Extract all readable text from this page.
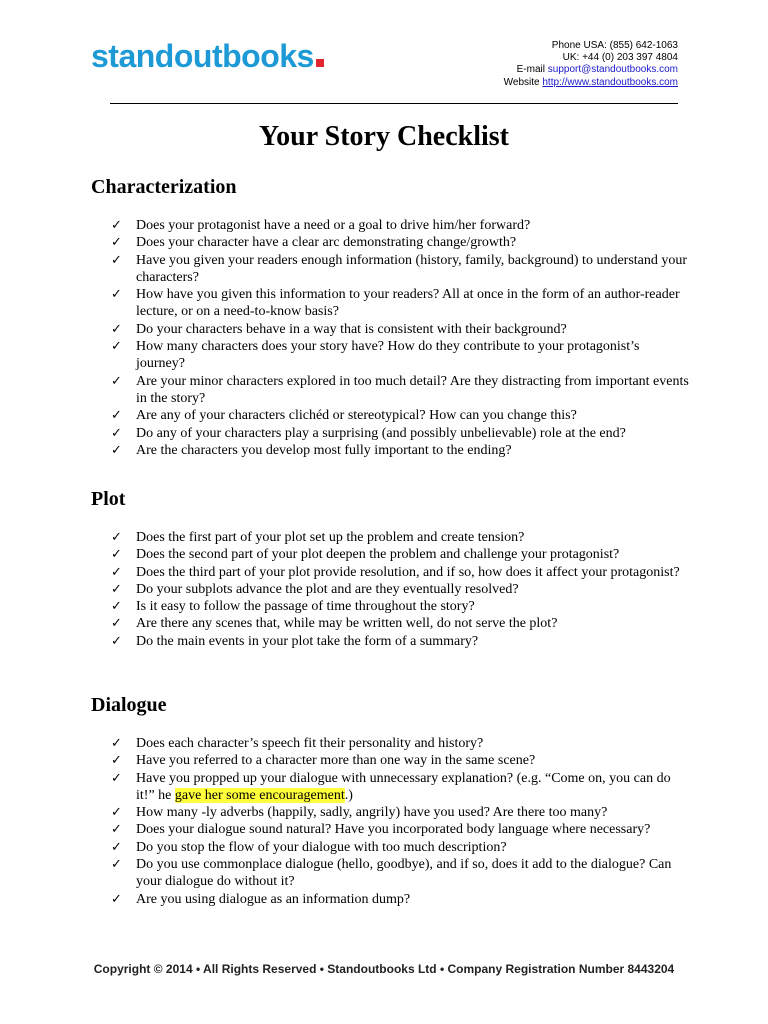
standoutbooks	Phone USA: (855) 642-1063
UK: +44 (0) 203 397 4804
E-mail support@standoutbooks.com
Website http://www.standoutbooks.com
Your Story Checklist
Characterization
✓ Does your protagonist have a need or a goal to drive him/her forward?
✓ Does your character have a clear arc demonstrating change/growth?
✓ Have you given your readers enough information (history, family, background) to understand your characters?
✓ How have you given this information to your readers? All at once in the form of an author-reader lecture, or on a need-to-know basis?
✓ Do your characters behave in a way that is consistent with their background?
✓ How many characters does your story have? How do they contribute to your protagonist’s journey?
✓ Are your minor characters explored in too much detail? Are they distracting from important events in the story?
✓ Are any of your characters clichéd or stereotypical? How can you change this?
✓ Do any of your characters play a surprising (and possibly unbelievable) role at the end?
✓ Are the characters you develop most fully important to the ending?
Plot
✓ Does the first part of your plot set up the problem and create tension?
✓ Does the second part of your plot deepen the problem and challenge your protagonist?
✓ Does the third part of your plot provide resolution, and if so, how does it affect your protagonist?
✓ Do your subplots advance the plot and are they eventually resolved?
✓ Is it easy to follow the passage of time throughout the story?
✓ Are there any scenes that, while may be written well, do not serve the plot?
✓ Do the main events in your plot take the form of a summary?
Dialogue
✓ Does each character’s speech fit their personality and history?
✓ Have you referred to a character more than one way in the same scene?
✓ Have you propped up your dialogue with unnecessary explanation? (e.g. “Come on, you can do it!” he gave her some encouragement.)
✓ How many -ly adverbs (happily, sadly, angrily) have you used? Are there too many?
✓ Does your dialogue sound natural? Have you incorporated body language where necessary?
✓ Do you stop the flow of your dialogue with too much description?
✓ Do you use commonplace dialogue (hello, goodbye), and if so, does it add to the dialogue? Can your dialogue do without it?
✓ Are you using dialogue as an information dump?
Copyright © 2014 • All Rights Reserved • Standoutbooks Ltd • Company Registration Number 8443204
